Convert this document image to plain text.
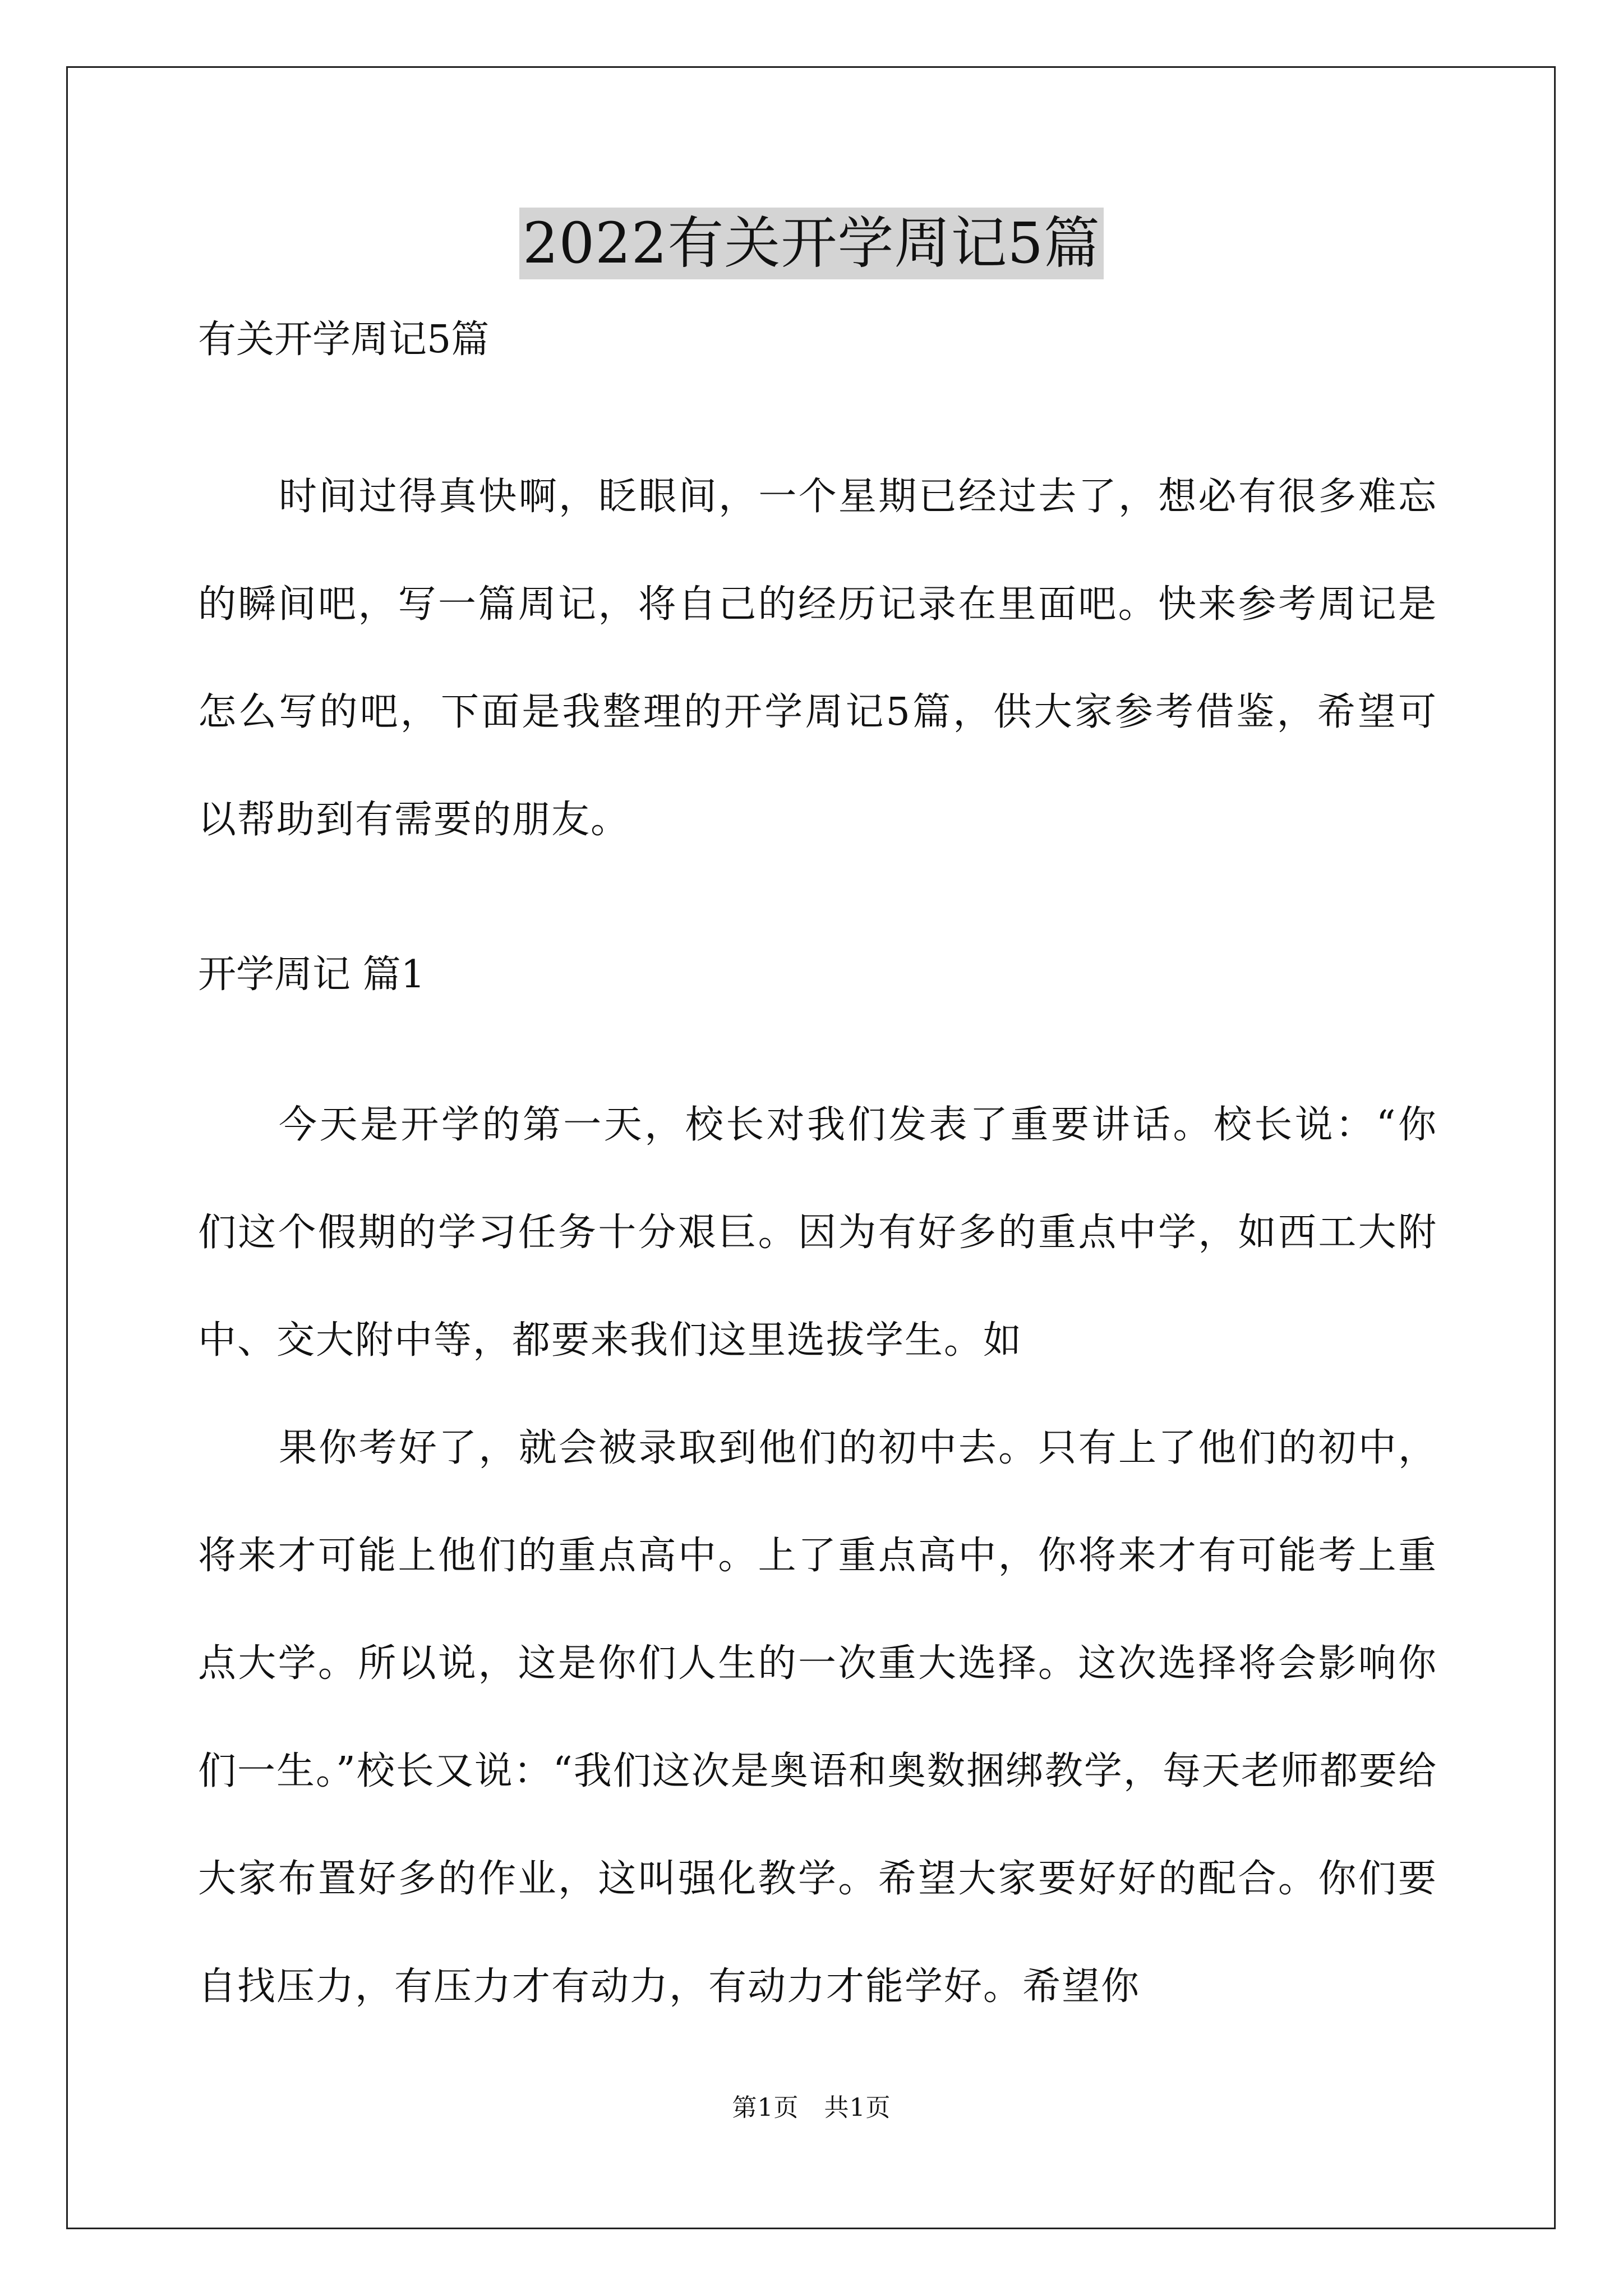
2022有关开学周记5篇
有关开学周记5篇
时间过得真快啊，眨眼间，一个星期已经过去了，想必有很多难忘的瞬间吧，写一篇周记，将自己的经历记录在里面吧。快来参考周记是怎么写的吧，下面是我整理的开学周记5篇，供大家参考借鉴，希望可以帮助到有需要的朋友。
开学周记 篇1
今天是开学的第一天，校长对我们发表了重要讲话。校长说：“你们这个假期的学习任务十分艰巨。因为有好多的重点中学，如西工大附中、交大附中等，都要来我们这里选拔学生。如
果你考好了，就会被录取到他们的初中去。只有上了他们的初中，将来才可能上他们的重点高中。上了重点高中，你将来才有可能考上重点大学。所以说，这是你们人生的一次重大选择。这次选择将会影响你们一生。”校长又说：“我们这次是奥语和奥数捆绑教学，每天老师都要给大家布置好多的作业，这叫强化教学。希望大家要好好的配合。你们要自找压力，有压力才有动力，有动力才能学好。希望你
第1页　共1页
